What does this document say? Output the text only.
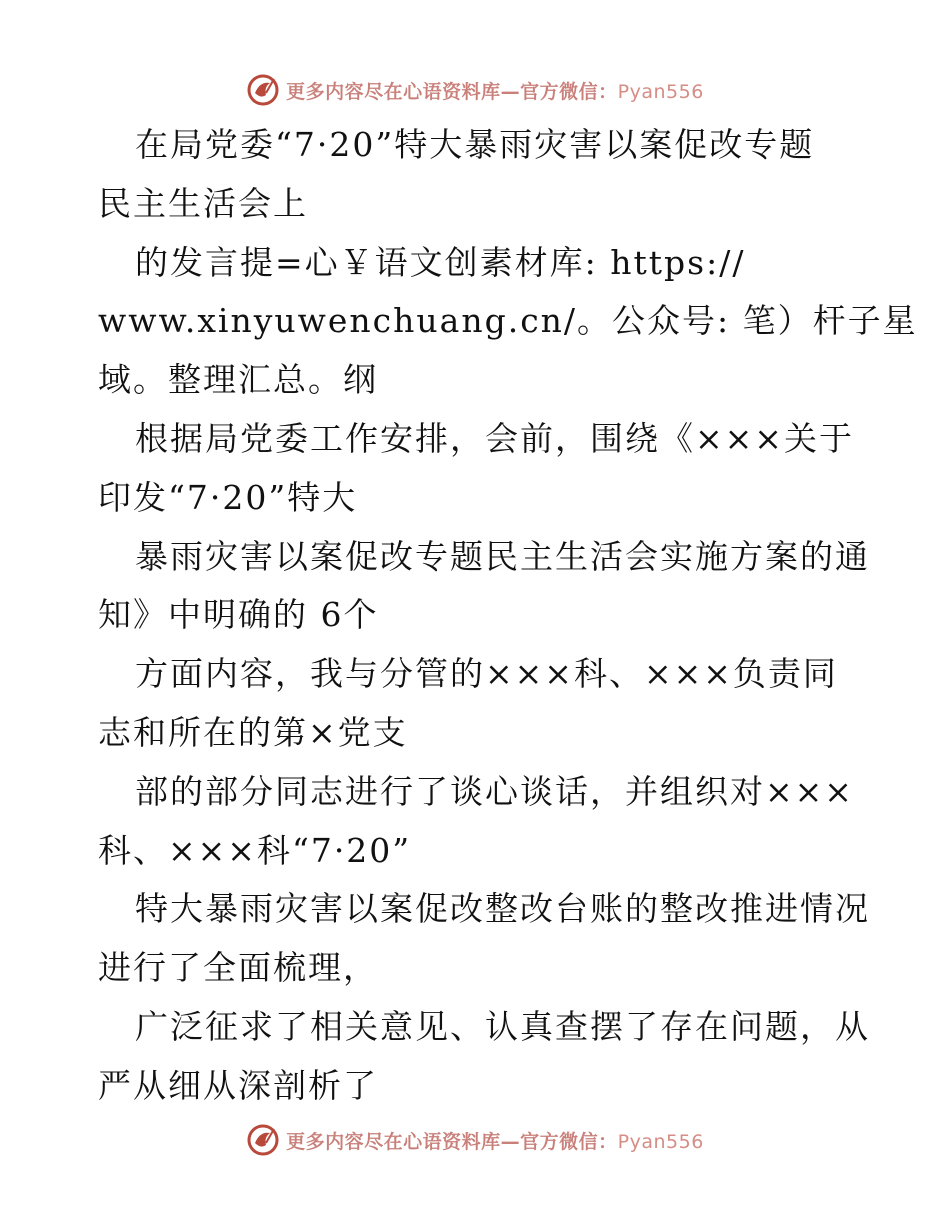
更多内容尽在心语资料库—官方微信：Pyan556
在局党委“7·20”特大暴雨灾害以案促改专题
民主生活会上
的发言提=心￥语文创素材库: https://
www.xinyuwenchuang.cn/。公众号: 笔）杆子星
域。整理汇总。纲
根据局党委工作安排，会前，围绕《×××关于
印发“7·20”特大
暴雨灾害以案促改专题民主生活会实施方案的通
知》中明确的 6个
方面内容，我与分管的×××科、×××负责同
志和所在的第×党支
部的部分同志进行了谈心谈话，并组织对×××
科、×××科“7·20”
特大暴雨灾害以案促改整改台账的整改推进情况
进行了全面梳理，
广泛征求了相关意见、认真查摆了存在问题，从
严从细从深剖析了
更多内容尽在心语资料库—官方微信：Pyan556
